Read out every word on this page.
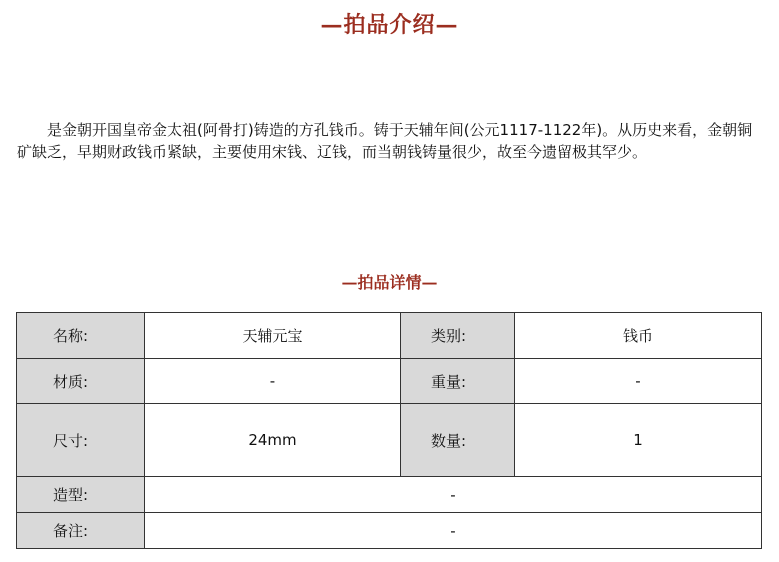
—拍品介绍—

是金朝开国皇帝金太祖(阿骨打)铸造的方孔钱币。铸于天辅年间(公元1117-1122年)。从历史来看，金朝铜矿缺乏，早期财政钱币紧缺，主要使用宋钱、辽钱，而当朝钱铸量很少，故至今遗留极其罕少。

—拍品详情—
名称:	天辅元宝	类别:	钱币
材质:	-	重量:	-
尺寸:	24mm	数量:	1
造型:	-		
备注:	-		
